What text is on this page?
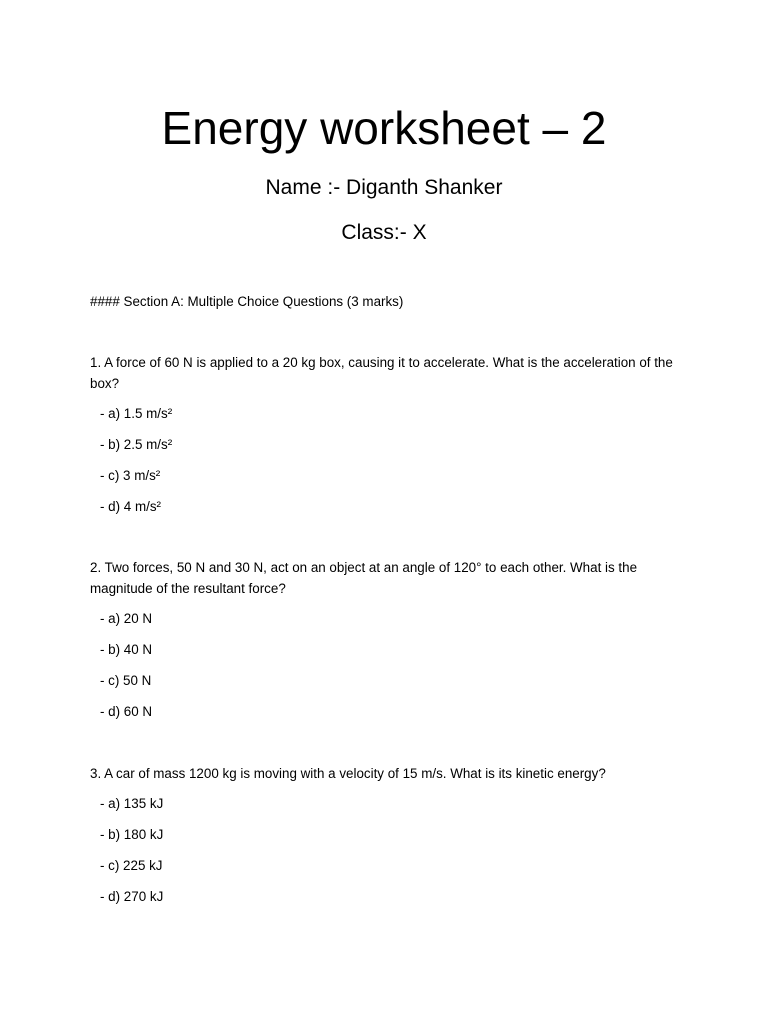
Energy worksheet – 2

Name :- Diganth Shanker

Class:- X

#### Section A: Multiple Choice Questions (3 marks)

1. A force of 60 N is applied to a 20 kg box, causing it to accelerate. What is the acceleration of the box?

- a) 1.5 m/s²

- b) 2.5 m/s²

- c) 3 m/s²

- d) 4 m/s²

2. Two forces, 50 N and 30 N, act on an object at an angle of 120° to each other. What is the magnitude of the resultant force?

- a) 20 N

- b) 40 N

- c) 50 N

- d) 60 N

3. A car of mass 1200 kg is moving with a velocity of 15 m/s. What is its kinetic energy?

- a) 135 kJ

- b) 180 kJ

- c) 225 kJ

- d) 270 kJ
